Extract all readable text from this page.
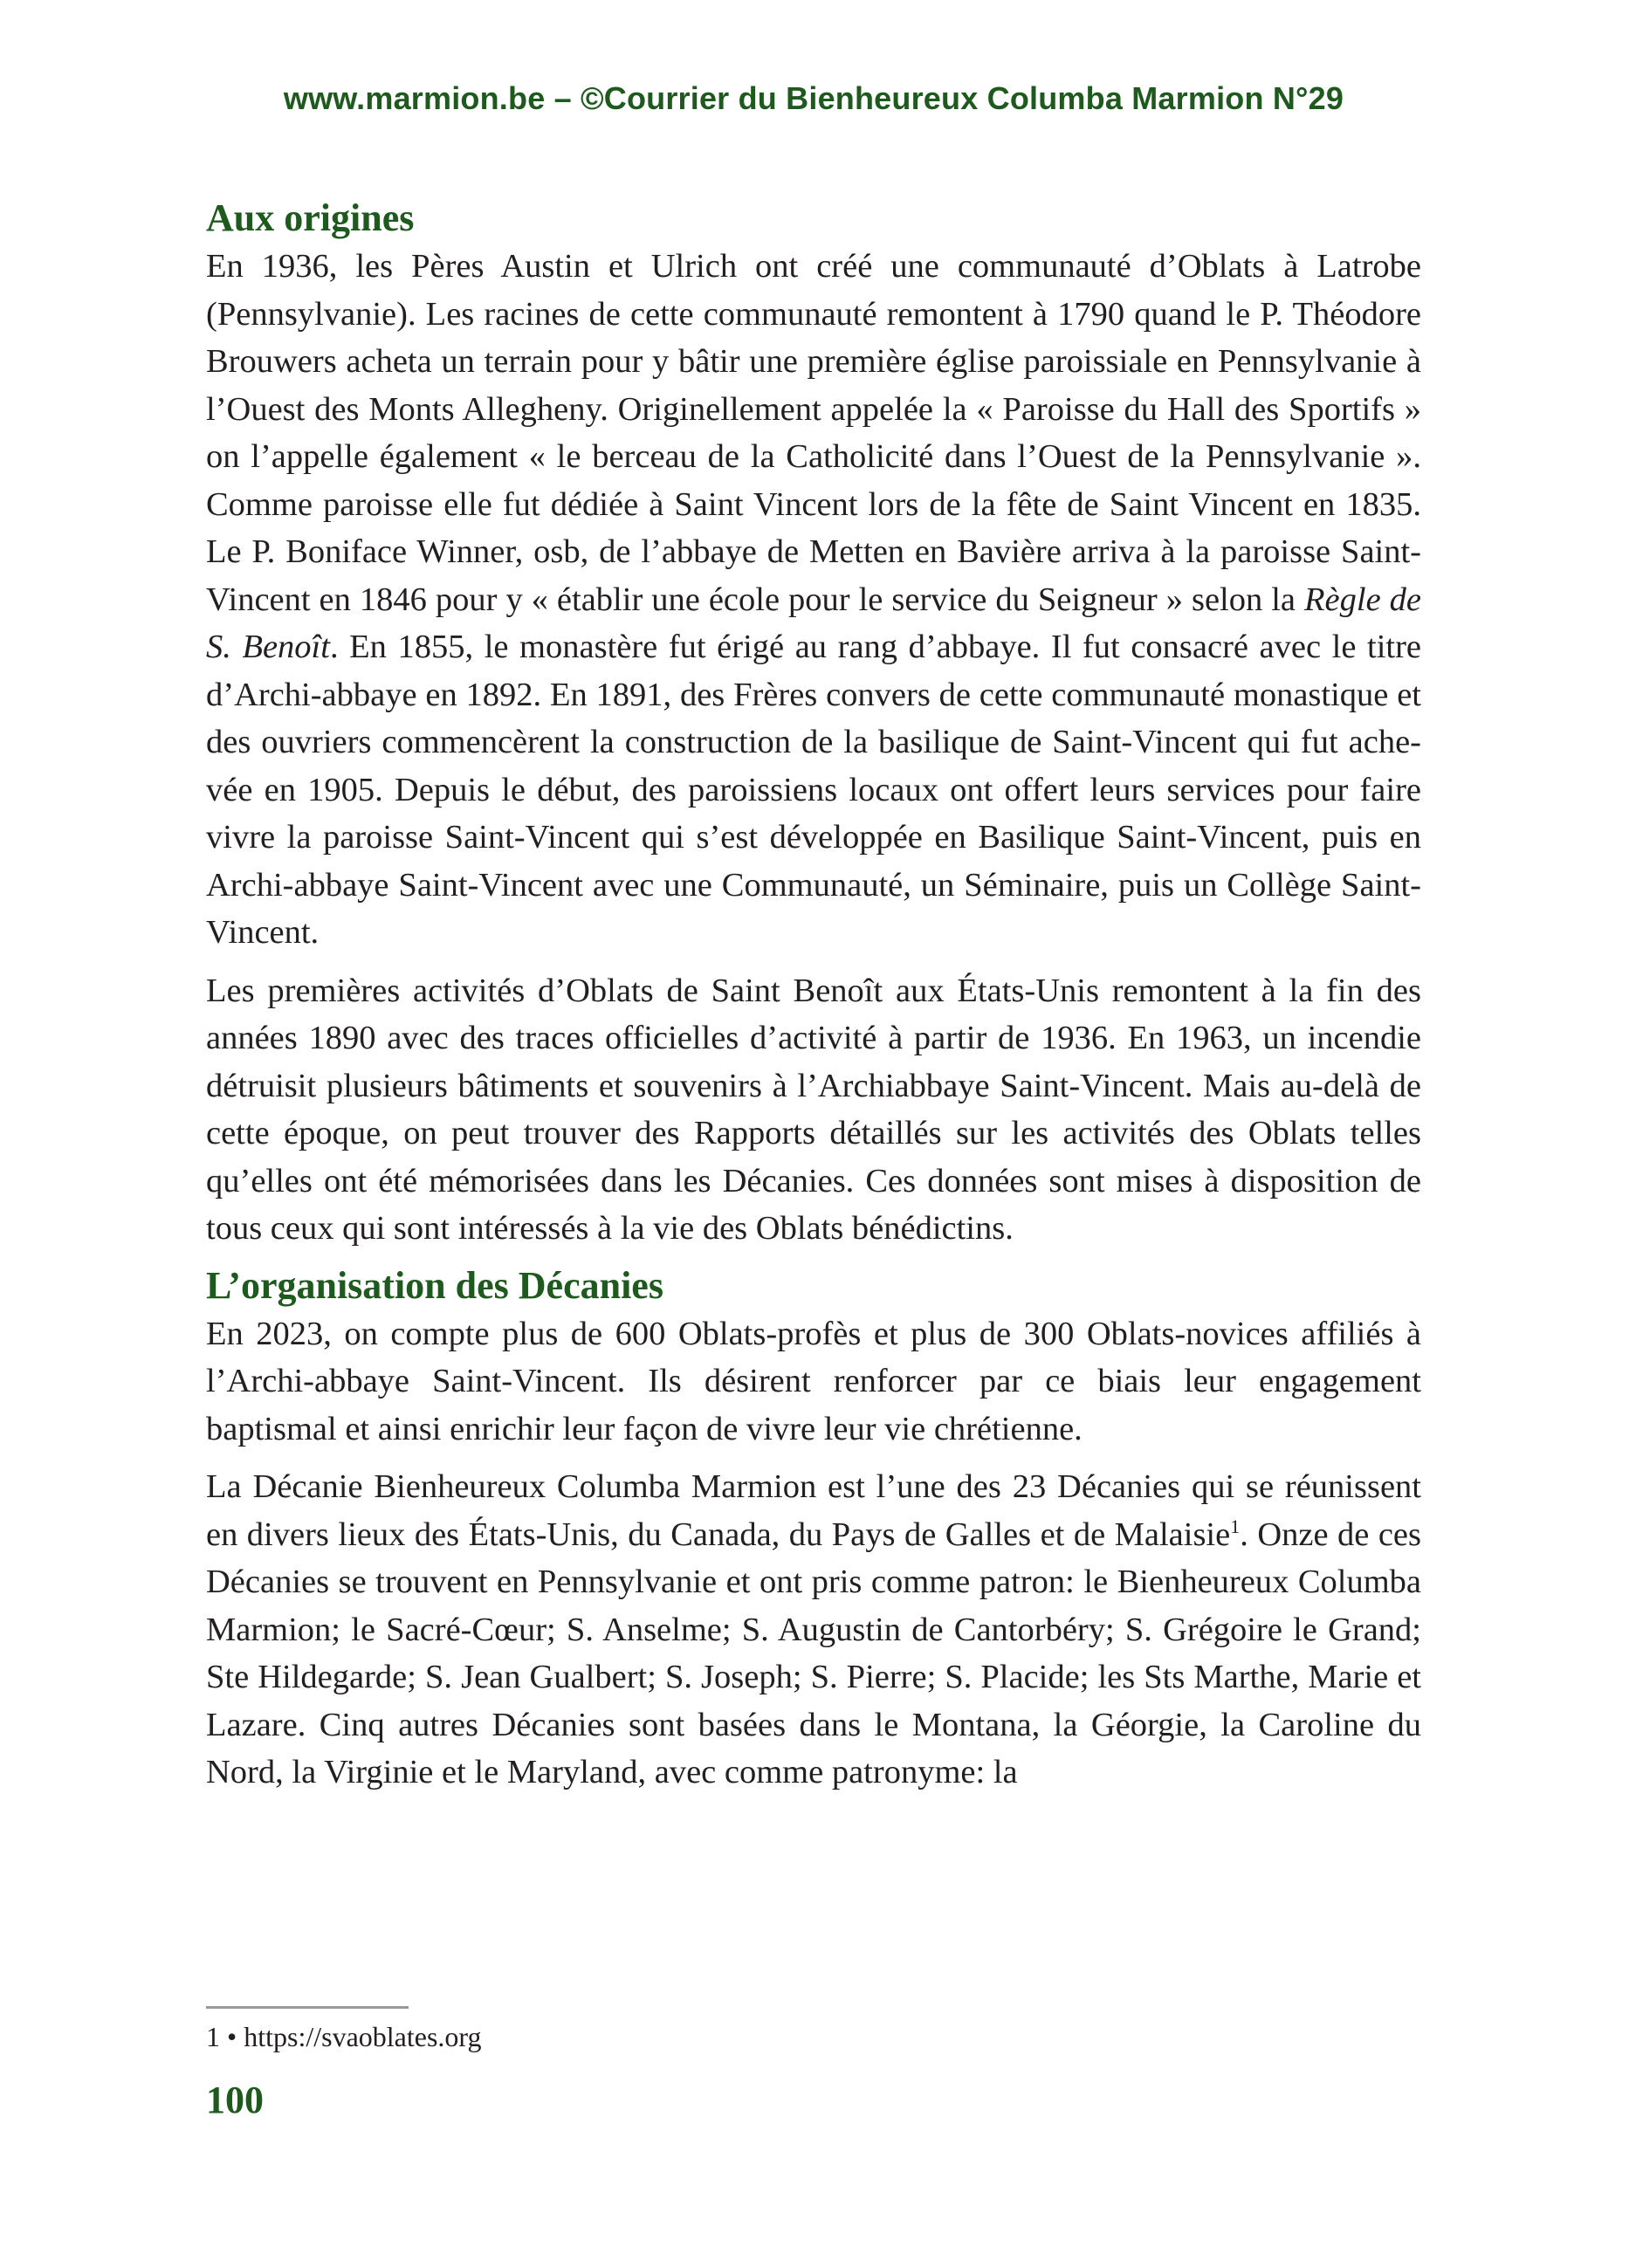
www.marmion.be – ©Courrier du Bienheureux Columba Marmion N°29
Aux origines

En 1936, les Pères Austin et Ulrich ont créé une communauté d’Oblats à Latrobe (Pennsylvanie). Les racines de cette communauté remontent à 1790 quand le P. Théodore Brouwers acheta un terrain pour y bâtir une première église paroissiale en Pennsylvanie à l’Ouest des Monts Allegheny. Originellement appelée la « Paroisse du Hall des Sportifs » on l’appelle également « le berceau de la Catholicité dans l’Ouest de la Pennsylvanie ». Comme paroisse elle fut dédiée à Saint Vincent lors de la fête de Saint Vincent en 1835. Le P. Boniface Winner, osb, de l’abbaye de Metten en Bavière arriva à la paroisse Saint-Vincent en 1846 pour y « établir une école pour le service du Seigneur » selon la Règle de S. Benoît. En 1855, le monastère fut érigé au rang d’abbaye. Il fut consacré avec le titre d’Archi-abbaye en 1892. En 1891, des Frères convers de cette communauté monastique et des ouvriers commencèrent la construction de la basilique de Saint-Vincent qui fut achevée en 1905. Depuis le début, des paroissiens locaux ont offert leurs services pour faire vivre la paroisse Saint-Vincent qui s’est développée en Basilique Saint-Vincent, puis en Archi-abbaye Saint-Vincent avec une Communauté, un Séminaire, puis un Collège Saint-Vincent.

Les premières activités d’Oblats de Saint Benoît aux États-Unis remontent à la fin des années 1890 avec des traces officielles d’activité à partir de 1936. En 1963, un incendie détruisit plusieurs bâtiments et souvenirs à l’Archiabbaye Saint-Vincent. Mais au-delà de cette époque, on peut trouver des Rapports détaillés sur les activités des Oblats telles qu’elles ont été mémorisées dans les Décanies. Ces données sont mises à disposition de tous ceux qui sont intéressés à la vie des Oblats bénédictins.

L’organisation des Décanies

En 2023, on compte plus de 600 Oblats-profès et plus de 300 Oblats-novices affiliés à l’Archi-abbaye Saint-Vincent. Ils désirent renforcer par ce biais leur engagement baptismal et ainsi enrichir leur façon de vivre leur vie chrétienne.

La Décanie Bienheureux Columba Marmion est l’une des 23 Décanies qui se réunissent en divers lieux des États-Unis, du Canada, du Pays de Galles et de Malaisie$^1$. Onze de ces Décanies se trouvent en Pennsylvanie et ont pris comme patron: le Bienheureux Columba Marmion; le Sacré-Cœur; S. Anselme; S. Augustin de Cantorbéry; S. Grégoire le Grand; Ste Hildegarde; S. Jean Gualbert; S. Joseph; S. Pierre; S. Placide; les Sts Marthe, Marie et Lazare. Cinq autres Décanies sont basées dans le Montana, la Géorgie, la Caroline du Nord, la Virginie et le Maryland, avec comme patronyme: la

1 • https://svaoblates.org
100
